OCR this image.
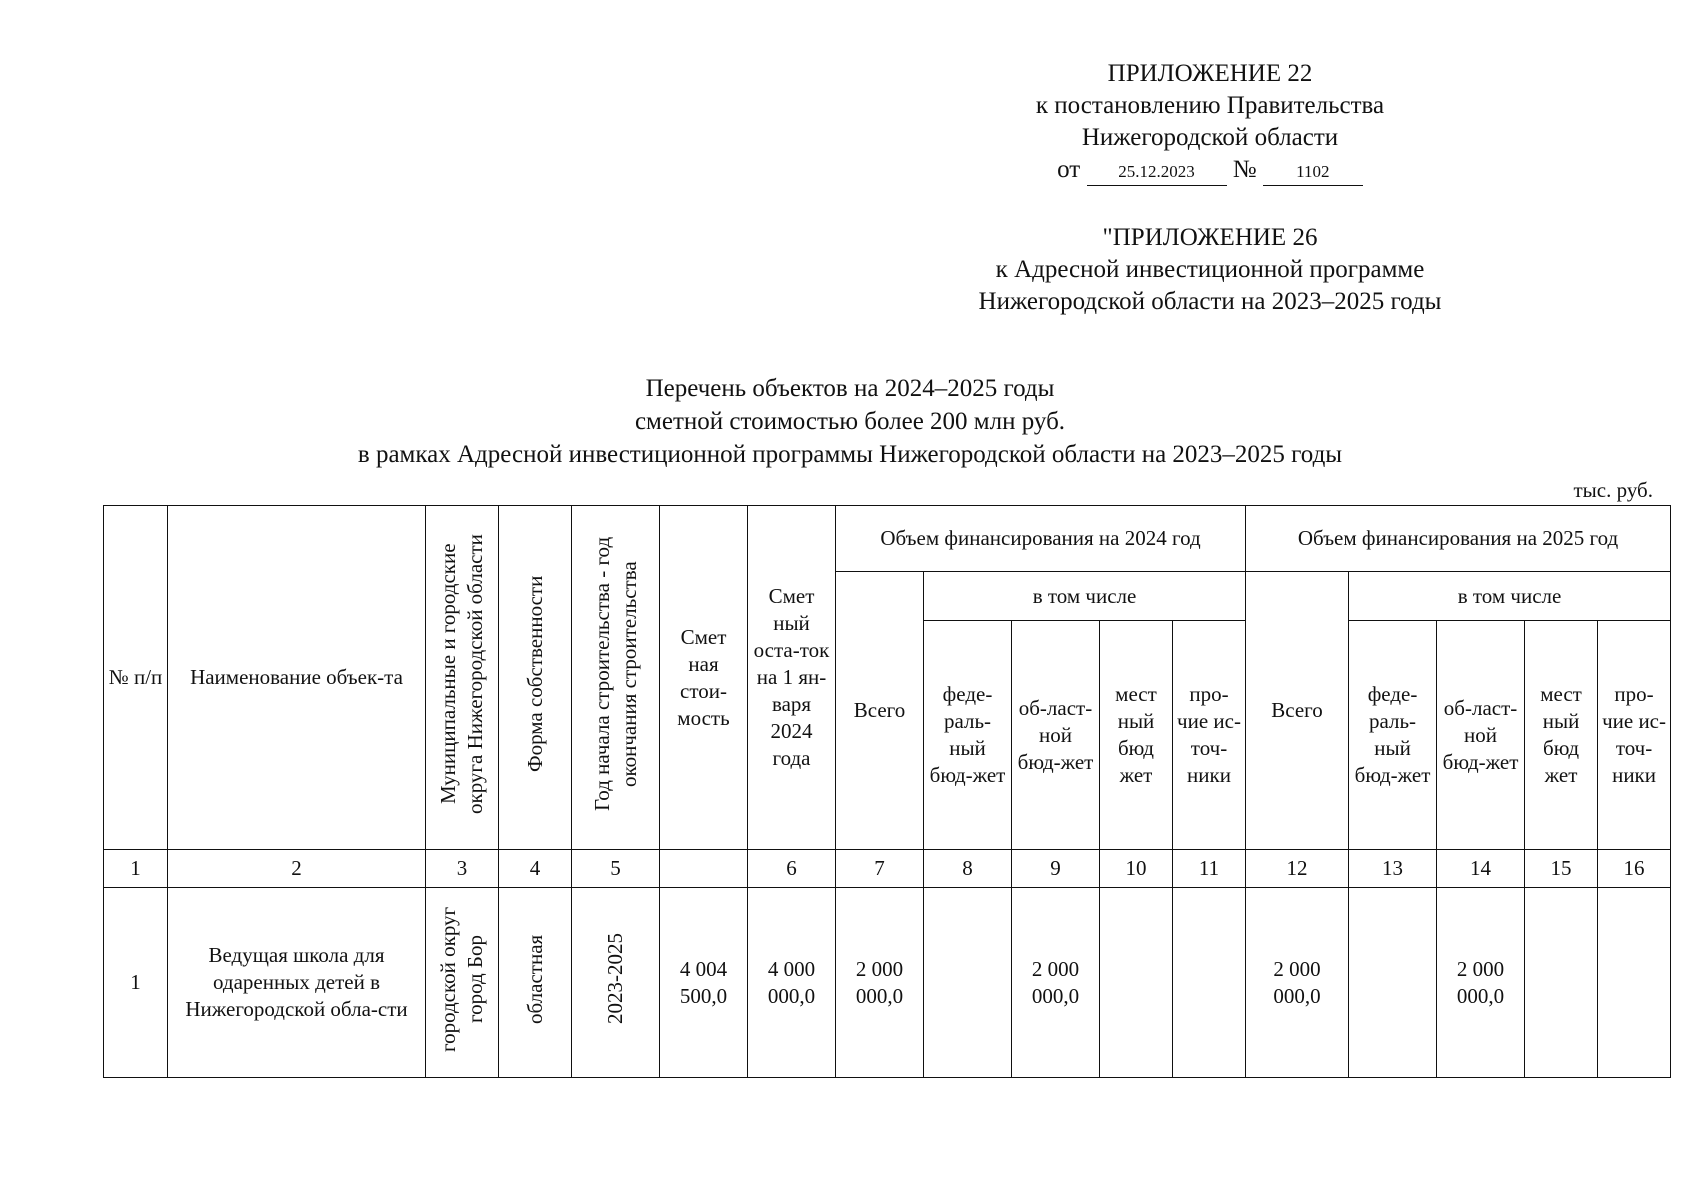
ПРИЛОЖЕНИЕ 22
к постановлению Правительства
Нижегородской области
от 25.12.2023 № 1102
"ПРИЛОЖЕНИЕ 26
к Адресной инвестиционной программе
Нижегородской области на 2023–2025 годы
Перечень объектов на 2024–2025 годы
сметной стоимостью более 200 млн руб.
в рамках Адресной инвестиционной программы Нижегородской области на 2023–2025 годы
тыс. руб.
№ п/п	Наименование объек-та	Муниципальные и городские округа Нижегородской области	Форма собственности	Год начала строительства - год окончания строительства	Смет ная стои-мость	Смет ный оста-ток на 1 ян-варя 2024 года	Объем финансирования на 2024 год					Объем финансирования на 2025 год				
							Всего	в том числе				Всего	в том числе			
								феде-раль-ный бюд-жет	об-ласт-ной бюд-жет	мест ный бюд жет	про-чие ис-точ-ники		феде-раль-ный бюд-жет	об-ласт-ной бюд-жет	мест ный бюд жет	про-чие ис-точ-ники
1	2	3	4	5		6	7	8	9	10	11	12	13	14	15	16
1	Ведущая школа для одаренных детей в Нижегородской обла-сти	городской округ город Бор	областная	2023-2025	4 004 500,0	4 000 000,0	2 000 000,0		2 000 000,0			2 000 000,0		2 000 000,0		
